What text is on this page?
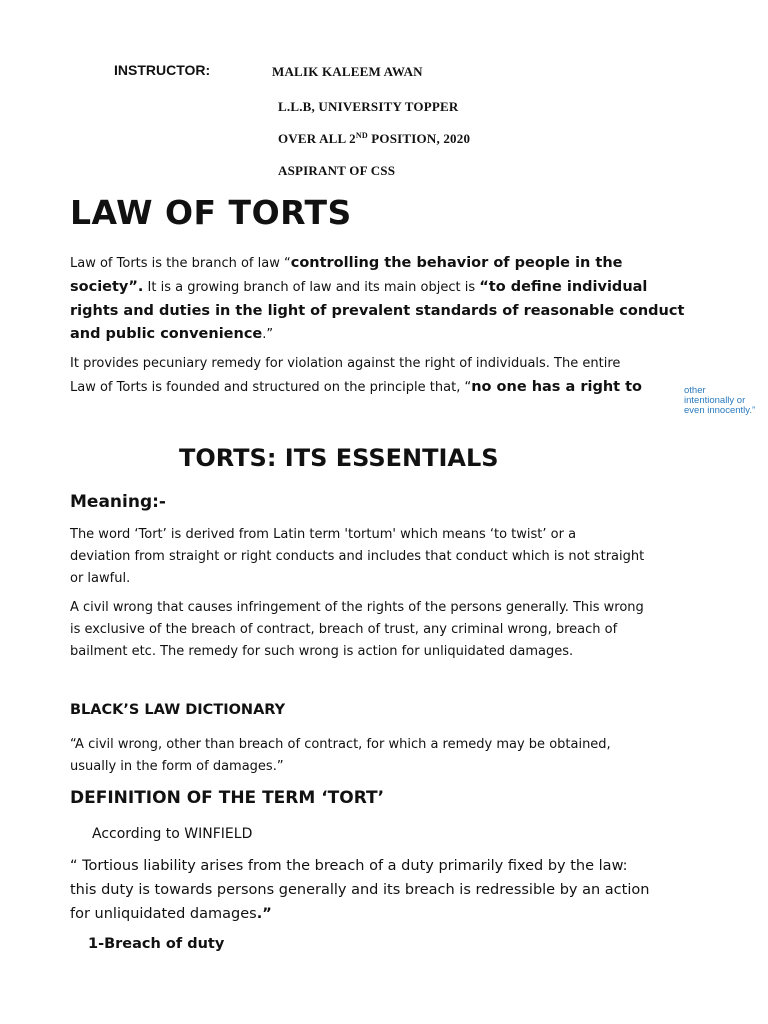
INSTRUCTOR:	MALIK KALEEM AWAN
L.L.B, UNIVERSITY TOPPER
OVER ALL 2ND POSITION, 2020
ASPIRANT OF CSS
LAW OF TORTS
Law of Torts is the branch of law “controlling the behavior of people in the
society”. It is a growing branch of law and its main object is “to define individual
rights and duties in the light of prevalent standards of reasonable conduct
and public convenience.”
It provides pecuniary remedy for violation against the right of individuals. The entire
Law of Torts is founded and structured on the principle that, “no one has a right to	other
intentionally or
even innocently.”
TORTS: ITS ESSENTIALS
Meaning:-
The word ‘Tort’ is derived from Latin term 'tortum' which means ‘to twist’ or a
deviation from straight or right conducts and includes that conduct which is not straight
or lawful.
A civil wrong that causes infringement of the rights of the persons generally. This wrong
is exclusive of the breach of contract, breach of trust, any criminal wrong, breach of
bailment etc. The remedy for such wrong is action for unliquidated damages.
BLACK’S LAW DICTIONARY
“A civil wrong, other than breach of contract, for which a remedy may be obtained,
usually in the form of damages.”
DEFINITION OF THE TERM ‘TORT’
According to WINFIELD
“ Tortious liability arises from the breach of a duty primarily fixed by the law:
this duty is towards persons generally and its breach is redressible by an action
for unliquidated damages.”
1-Breach of duty
